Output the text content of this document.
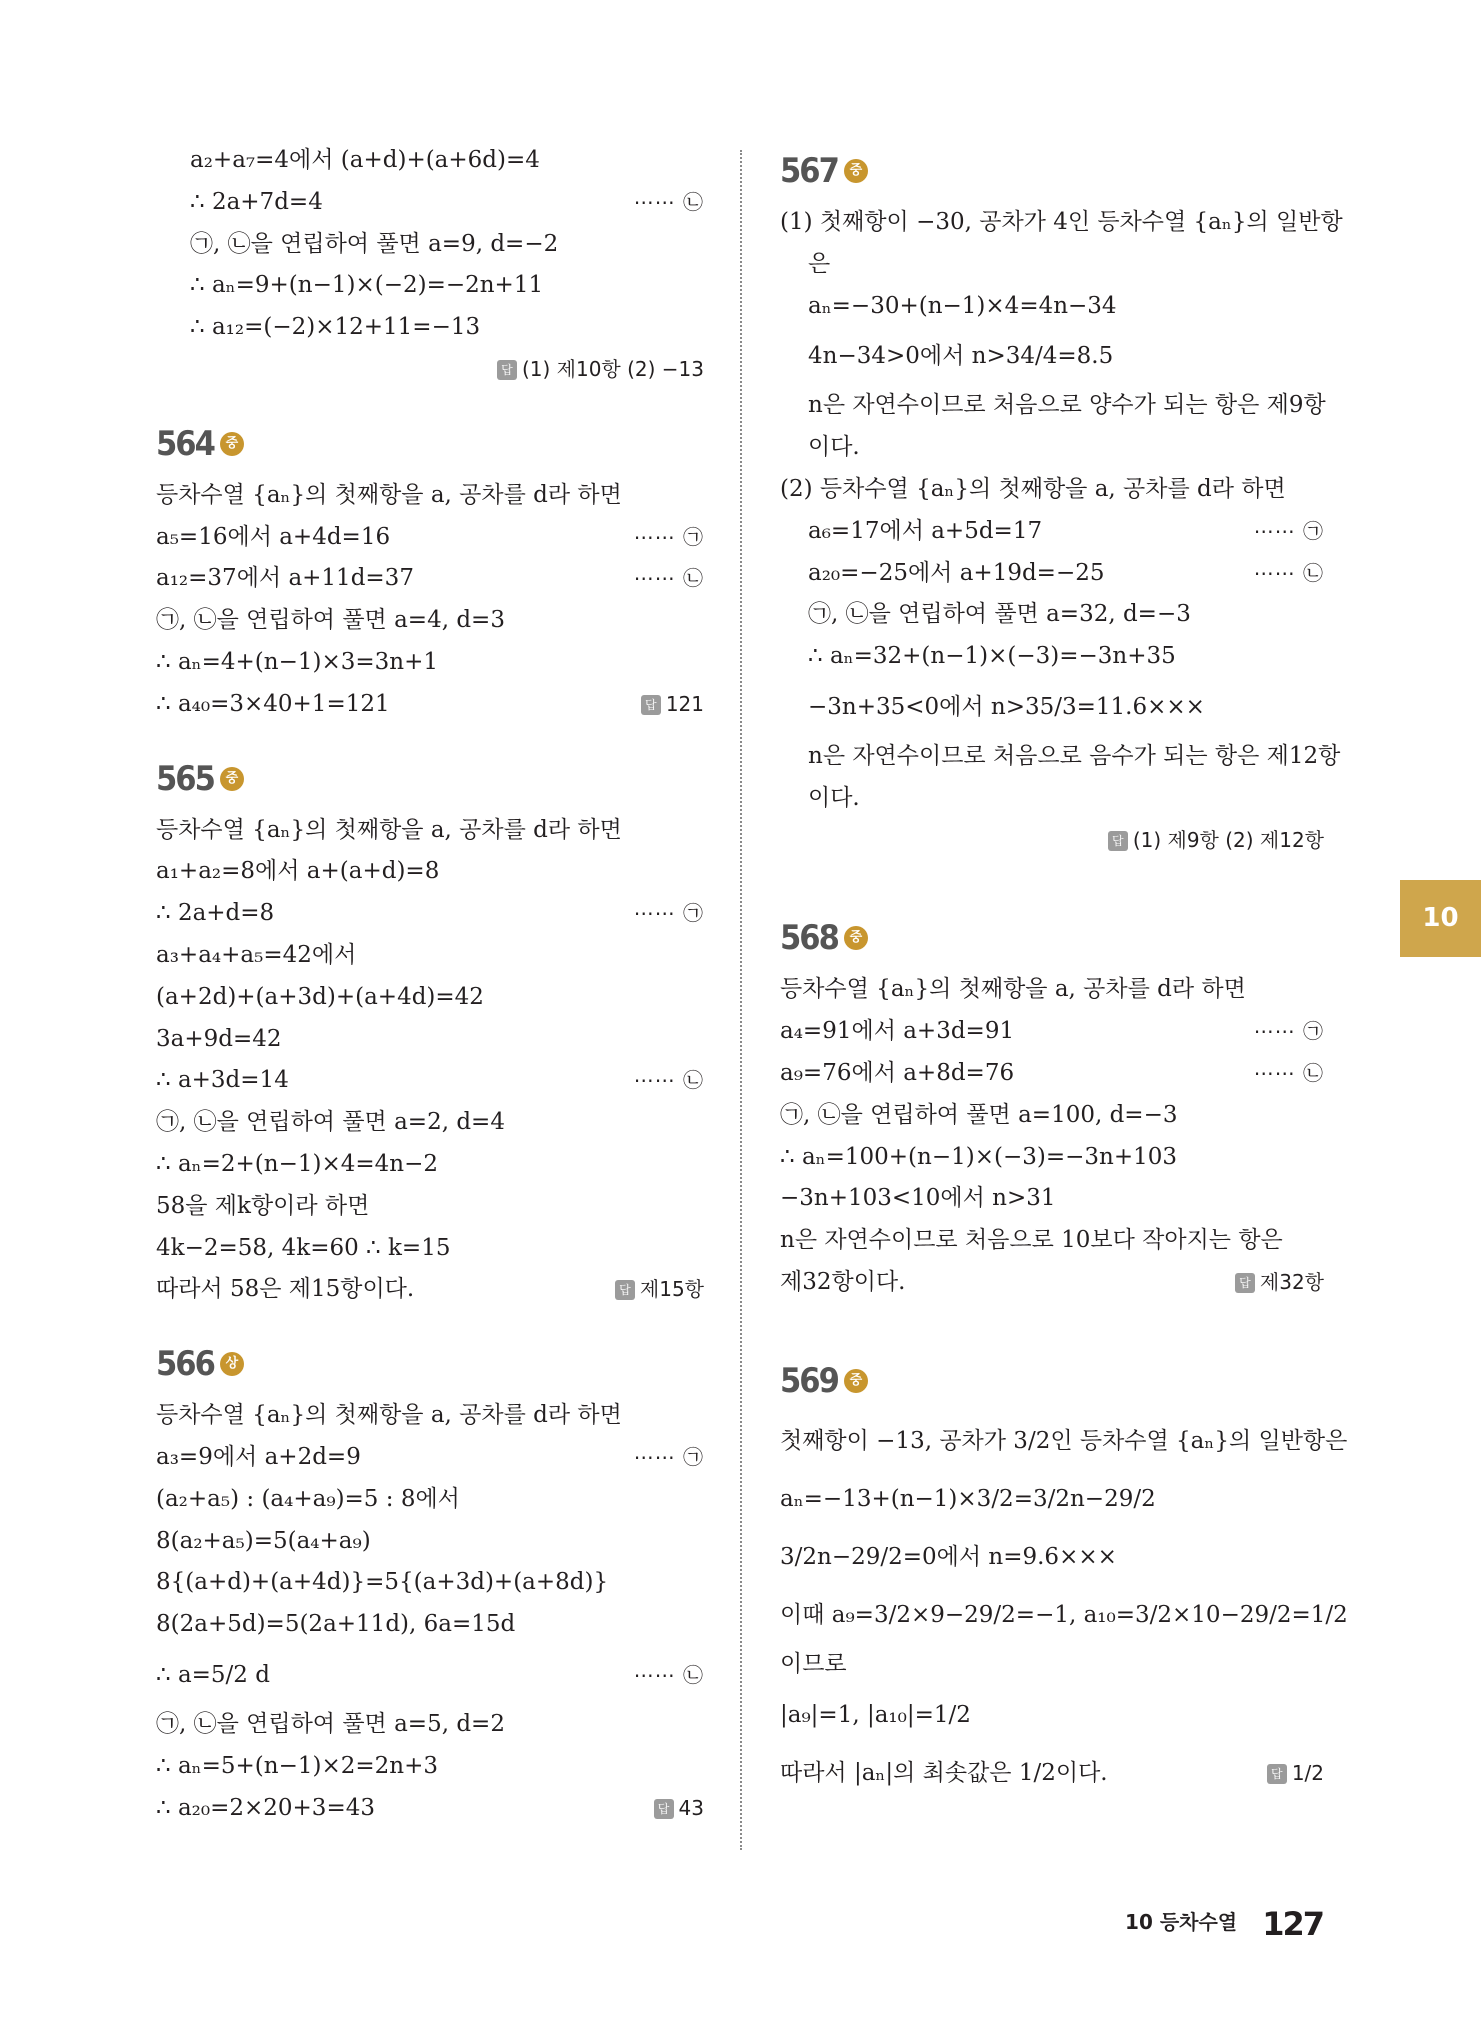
a₂+a₇=4에서 (a+d)+(a+6d)=4
∴ 2a+7d=4	⋯⋯ ㉡
㉠, ㉡을 연립하여 풀면 a=9, d=−2
∴ aₙ=9+(n−1)×(−2)=−2n+11
∴ a₁₂=(−2)×12+11=−13
답 (1) 제10항 (2) −13
564 중
등차수열 {aₙ}의 첫째항을 a, 공차를 d라 하면
a₅=16에서 a+4d=16	⋯⋯ ㉠
a₁₂=37에서 a+11d=37	⋯⋯ ㉡
㉠, ㉡을 연립하여 풀면 a=4, d=3
∴ aₙ=4+(n−1)×3=3n+1
∴ a₄₀=3×40+1=121	답 121
565 중
등차수열 {aₙ}의 첫째항을 a, 공차를 d라 하면
a₁+a₂=8에서 a+(a+d)=8
∴ 2a+d=8	⋯⋯ ㉠
a₃+a₄+a₅=42에서
(a+2d)+(a+3d)+(a+4d)=42
3a+9d=42
∴ a+3d=14	⋯⋯ ㉡
㉠, ㉡을 연립하여 풀면 a=2, d=4
∴ aₙ=2+(n−1)×4=4n−2
58을 제k항이라 하면
4k−2=58, 4k=60 ∴ k=15
따라서 58은 제15항이다.	답 제15항
566 상
등차수열 {aₙ}의 첫째항을 a, 공차를 d라 하면
a₃=9에서 a+2d=9	⋯⋯ ㉠
(a₂+a₅) : (a₄+a₉)=5 : 8에서
8(a₂+a₅)=5(a₄+a₉)
8{(a+d)+(a+4d)}=5{(a+3d)+(a+8d)}
8(2a+5d)=5(2a+11d), 6a=15d
∴ a=5/2 d	⋯⋯ ㉡
㉠, ㉡을 연립하여 풀면 a=5, d=2
∴ aₙ=5+(n−1)×2=2n+3
∴ a₂₀=2×20+3=43	답 43
567 중
(1) 첫째항이 −30, 공차가 4인 등차수열 {aₙ}의 일반항
은
aₙ=−30+(n−1)×4=4n−34
4n−34>0에서 n>34/4=8.5
n은 자연수이므로 처음으로 양수가 되는 항은 제9항
이다.
(2) 등차수열 {aₙ}의 첫째항을 a, 공차를 d라 하면
a₆=17에서 a+5d=17	⋯⋯ ㉠
a₂₀=−25에서 a+19d=−25	⋯⋯ ㉡
㉠, ㉡을 연립하여 풀면 a=32, d=−3
∴ aₙ=32+(n−1)×(−3)=−3n+35
−3n+35<0에서 n>35/3=11.6×××
n은 자연수이므로 처음으로 음수가 되는 항은 제12항
이다.
답 (1) 제9항 (2) 제12항
568 중
등차수열 {aₙ}의 첫째항을 a, 공차를 d라 하면
a₄=91에서 a+3d=91	⋯⋯ ㉠
a₉=76에서 a+8d=76	⋯⋯ ㉡
㉠, ㉡을 연립하여 풀면 a=100, d=−3
∴ aₙ=100+(n−1)×(−3)=−3n+103
−3n+103<10에서 n>31
n은 자연수이므로 처음으로 10보다 작아지는 항은
제32항이다.	답 제32항
569 중
첫째항이 −13, 공차가 3/2인 등차수열 {aₙ}의 일반항은
aₙ=−13+(n−1)×3/2=3/2n−29/2
3/2n−29/2=0에서 n=9.6×××
이때 a₉=3/2×9−29/2=−1, a₁₀=3/2×10−29/2=1/2
이므로
|a₉|=1, |a₁₀|=1/2
따라서 |aₙ|의 최솟값은 1/2이다.	답 1/2
10
10 등차수열 127
